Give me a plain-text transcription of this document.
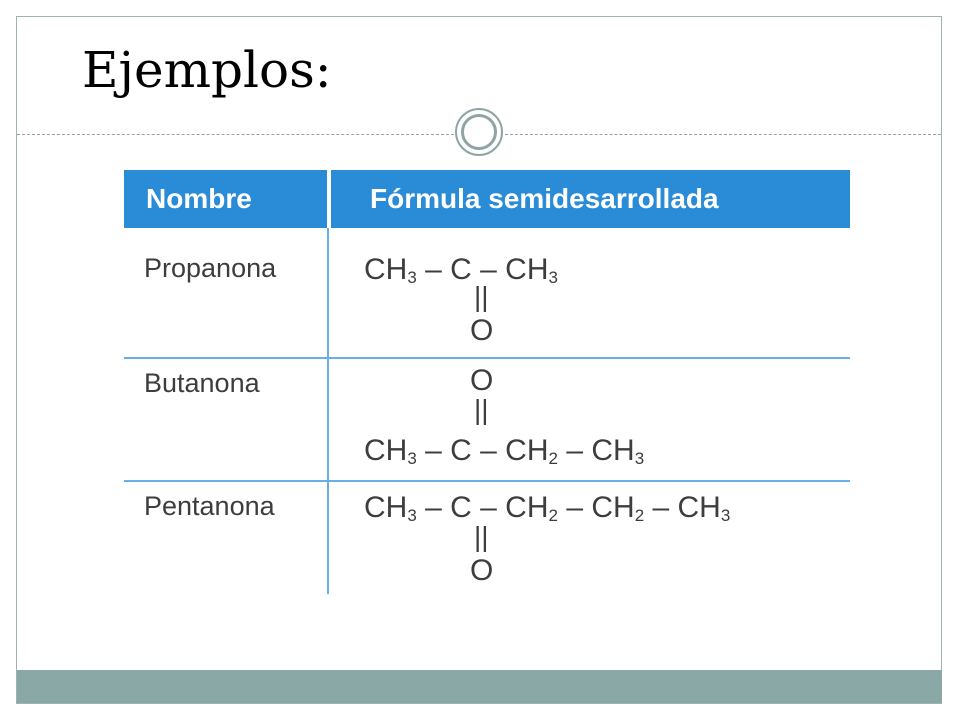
Ejemplos:
Nombre	Fórmula semidesarrollada
Propanona	$CH_3$ – C – $CH_3$
||
O
Butanona	O
||
$CH_3$ – C – $CH_2 - CH_3$
Pentanona	$CH_3$ – C – $CH_2 - CH_2 - CH_3$
||
O
